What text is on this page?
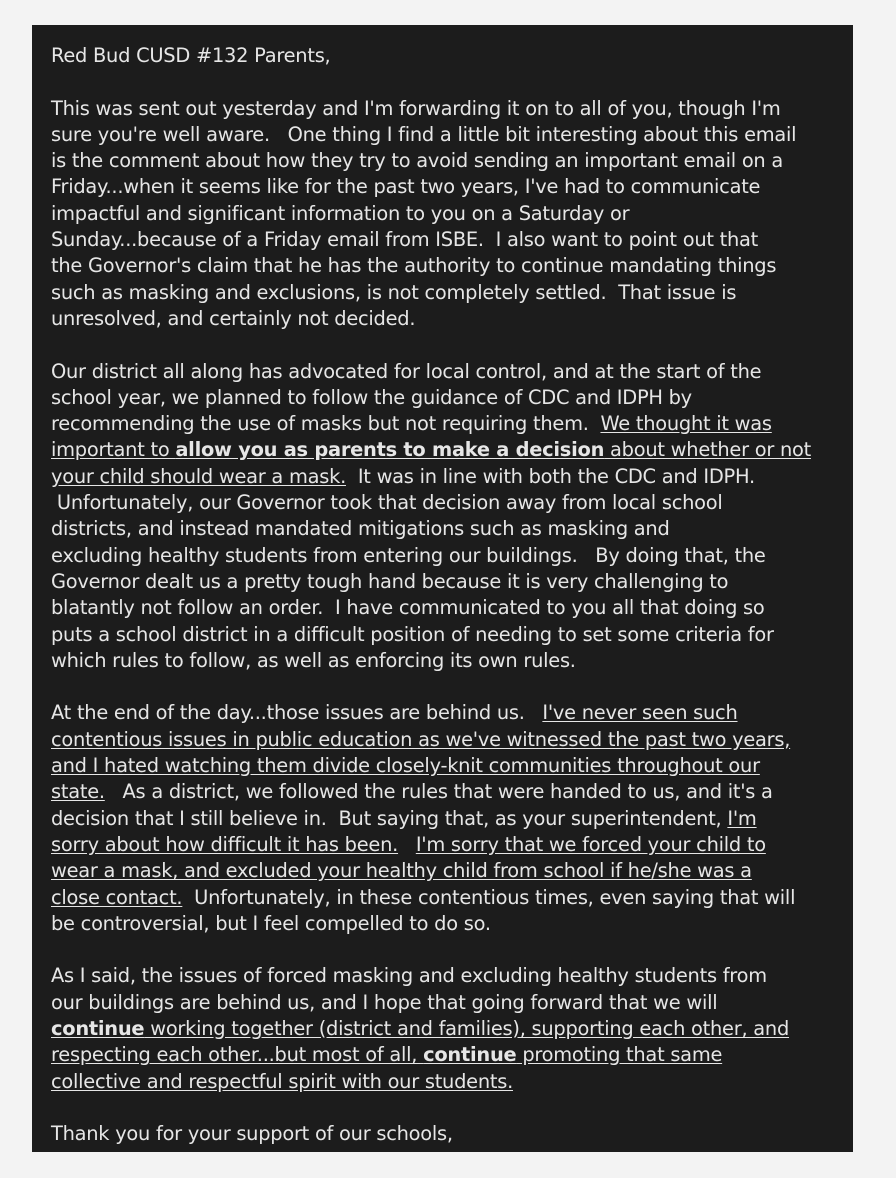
Red Bud CUSD #132 Parents,
This was sent out yesterday and I'm forwarding it on to all of you, though I'm
sure you're well aware.   One thing I find a little bit interesting about this email
is the comment about how they try to avoid sending an important email on a
Friday...when it seems like for the past two years, I've had to communicate
impactful and significant information to you on a Saturday or
Sunday...because of a Friday email from ISBE.  I also want to point out that
the Governor's claim that he has the authority to continue mandating things
such as masking and exclusions, is not completely settled.  That issue is
unresolved, and certainly not decided.
Our district all along has advocated for local control, and at the start of the
school year, we planned to follow the guidance of CDC and IDPH by
recommending the use of masks but not requiring them.  We thought it was
important to allow you as parents to make a decision about whether or not
your child should wear a mask.  It was in line with both the CDC and IDPH.
Unfortunately, our Governor took that decision away from local school
districts, and instead mandated mitigations such as masking and
excluding healthy students from entering our buildings.   By doing that, the
Governor dealt us a pretty tough hand because it is very challenging to
blatantly not follow an order.  I have communicated to you all that doing so
puts a school district in a difficult position of needing to set some criteria for
which rules to follow, as well as enforcing its own rules.
At the end of the day...those issues are behind us.   I've never seen such
contentious issues in public education as we've witnessed the past two years,
and I hated watching them divide closely-knit communities throughout our
state.   As a district, we followed the rules that were handed to us, and it's a
decision that I still believe in.  But saying that, as your superintendent, I'm
sorry about how difficult it has been. I'm sorry that we forced your child to
wear a mask, and excluded your healthy child from school if he/she was a
close contact.  Unfortunately, in these contentious times, even saying that will
be controversial, but I feel compelled to do so.
As I said, the issues of forced masking and excluding healthy students from
our buildings are behind us, and I hope that going forward that we will
continue working together (district and families), supporting each other, and
respecting each other...but most of all, continue promoting that same
collective and respectful spirit with our students.
Thank you for your support of our schools,
